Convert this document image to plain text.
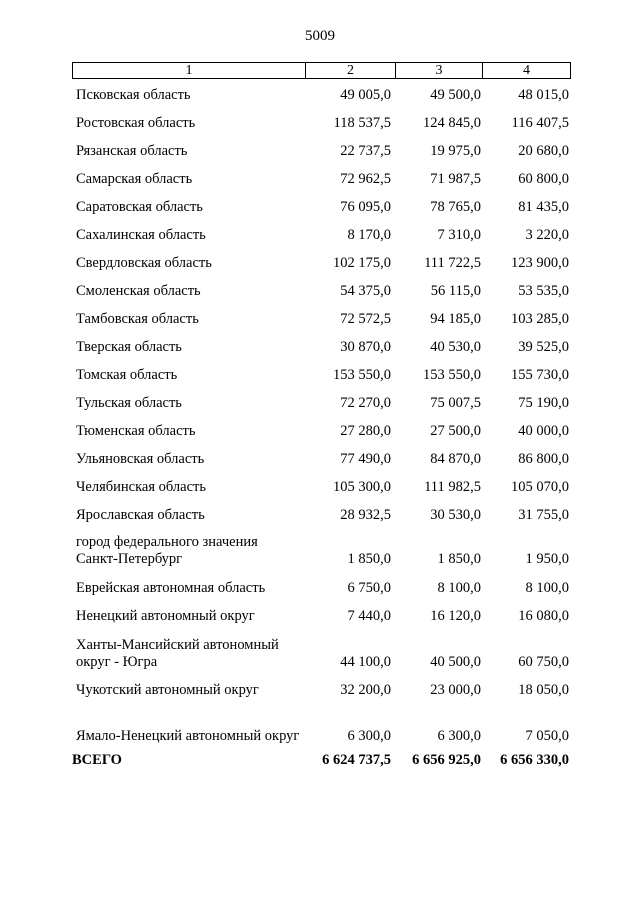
5009
1	2	3	4
Псковская область	49 005,0	49 500,0	48 015,0
Ростовская область	118 537,5	124 845,0	116 407,5
Рязанская область	22 737,5	19 975,0	20 680,0
Самарская область	72 962,5	71 987,5	60 800,0
Саратовская область	76 095,0	78 765,0	81 435,0
Сахалинская область	8 170,0	7 310,0	3 220,0
Свердловская область	102 175,0	111 722,5	123 900,0
Смоленская область	54 375,0	56 115,0	53 535,0
Тамбовская область	72 572,5	94 185,0	103 285,0
Тверская область	30 870,0	40 530,0	39 525,0
Томская область	153 550,0	153 550,0	155 730,0
Тульская область	72 270,0	75 007,5	75 190,0
Тюменская область	27 280,0	27 500,0	40 000,0
Ульяновская область	77 490,0	84 870,0	86 800,0
Челябинская область	105 300,0	111 982,5	105 070,0
Ярославская область	28 932,5	30 530,0	31 755,0
город федерального значения Санкт-Петербург	1 850,0	1 850,0	1 950,0
Еврейская автономная область	6 750,0	8 100,0	8 100,0
Ненецкий автономный округ	7 440,0	16 120,0	16 080,0
Ханты-Мансийский автономный округ - Югра	44 100,0	40 500,0	60 750,0
Чукотский автономный округ	32 200,0	23 000,0	18 050,0
Ямало-Ненецкий автономный округ	6 300,0	6 300,0	7 050,0
ВСЕГО	6 624 737,5	6 656 925,0	6 656 330,0
